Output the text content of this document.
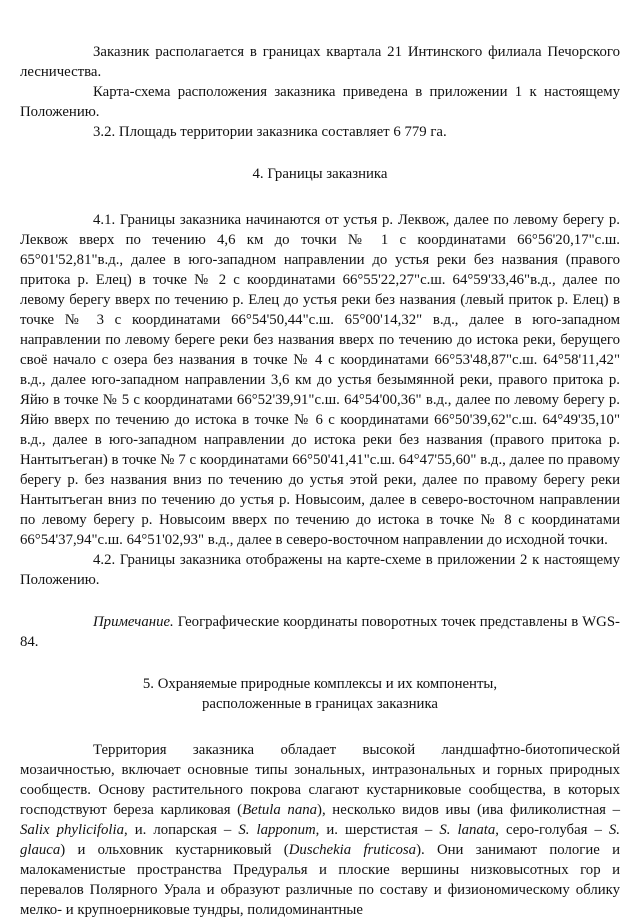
Заказник располагается в границах квартала 21 Интинского филиала Печорского лесничества.

Карта-схема расположения заказника приведена в приложении 1 к настоящему Положению.

3.2. Площадь территории заказника составляет 6 779 га.

4. Границы заказника

4.1. Границы заказника начинаются от устья р. Леквож, далее по левому берегу р. Леквож вверх по течению 4,6 км до точки № 1 с координатами 66°56'20,17"с.ш. 65°01'52,81"в.д., далее в юго-западном направлении до устья реки без названия (правого притока р. Елец) в точке № 2 с координатами 66°55'22,27"с.ш. 64°59'33,46"в.д., далее по левому берегу вверх по течению р. Елец до устья реки без названия (левый приток р. Елец) в точке № 3 с координатами 66°54'50,44"с.ш. 65°00'14,32" в.д., далее в юго-западном направлении по левому береге реки без названия вверх по течению до истока реки, берущего своё начало с озера без названия в точке № 4 с координатами 66°53'48,87"с.ш. 64°58'11,42" в.д., далее юго-западном направлении 3,6 км до устья безымянной реки, правого притока р. Яйю в точке № 5 с координатами 66°52'39,91"с.ш. 64°54'00,36" в.д., далее по левому берегу р. Яйю вверх по течению до истока в точке № 6 с координатами 66°50'39,62"с.ш. 64°49'35,10" в.д., далее в юго-западном направлении до истока реки без названия (правого притока р. Нантытъеган) в точке № 7 с координатами 66°50'41,41"с.ш. 64°47'55,60" в.д., далее по правому берегу р. без названия вниз по течению до устья этой реки, далее по правому берегу реки Нантытъеган вниз по течению до устья р. Новысоим, далее в северо-восточном направлении по левому берегу р. Новысоим вверх по течению до истока в точке № 8 с координатами 66°54'37,94"с.ш. 64°51'02,93" в.д., далее в северо-восточном направлении до исходной точки.

4.2. Границы заказника отображены на карте-схеме в приложении 2 к настоящему Положению.

Примечание. Географические координаты поворотных точек представлены в WGS-84.

5. Охраняемые природные комплексы и их компоненты,

расположенные в границах заказника

Территория заказника обладает высокой ландшафтно-биотопической мозаичностью, включает основные типы зональных, интразональных и горных природных сообществ. Основу растительного покрова слагают кустарниковые сообщества, в которых господствуют береза карликовая (Betula nana), несколько видов ивы (ива филиколистная – Salix phylicifolia, и. лопарская – S. lapponum, и. шерстистая – S. lanata, серо-голубая – S. glauca) и ольховник кустарниковый (Duschekia fruticosa). Они занимают пологие и малокаменистые пространства Предуралья и плоские вершины низковысотных гор и перевалов Полярного Урала и образуют различные по составу и физиономическому облику мелко- и крупноерниковые тундры, полидоминантные
